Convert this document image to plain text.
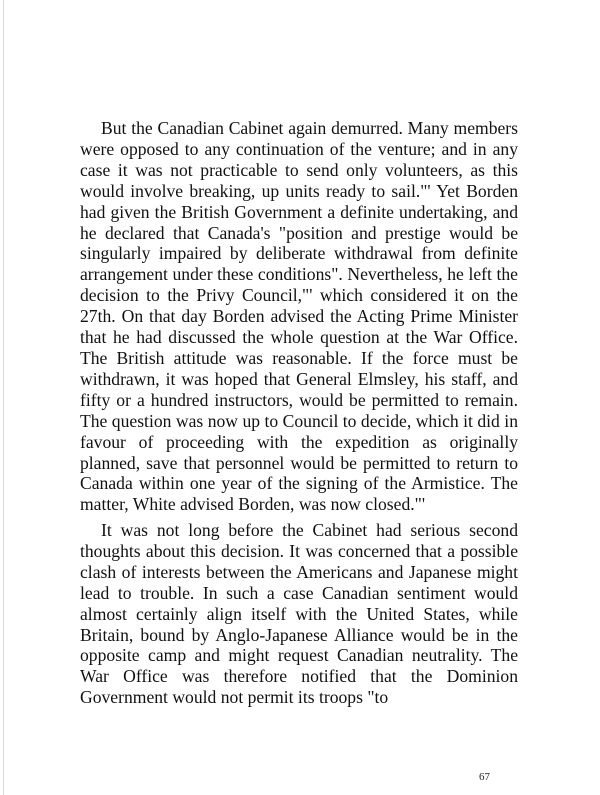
But the Canadian Cabinet again demurred. Many members were opposed to any continuation of the venture; and in any case it was not practicable to send only volunteers, as this would involve breaking, up units ready to sail."' Yet Borden had given the British Government a definite undertaking, and he declared that Canada's "position and prestige would be singularly impaired by deliberate withdrawal from definite arrangement under these conditions". Nevertheless, he left the decision to the Privy Council,"' which considered it on the 27th. On that day Borden advised the Acting Prime Minister that he had discussed the whole question at the War Office. The British attitude was reasonable. If the force must be withdrawn, it was hoped that General Elmsley, his staff, and fifty or a hundred instructors, would be permitted to remain. The question was now up to Council to decide, which it did in favour of proceeding with the expedition as originally planned, save that personnel would be permitted to return to Canada within one year of the signing of the Armistice. The matter, White advised Borden, was now closed."'

It was not long before the Cabinet had serious second thoughts about this decision. It was concerned that a possible clash of interests between the Americans and Japanese might lead to trouble. In such a case Canadian sentiment would almost certainly align itself with the United States, while Britain, bound by Anglo-Japanese Alliance would be in the opposite camp and might request Canadian neutrality. The War Office was therefore notified that the Dominion Government would not permit its troops "to

67
